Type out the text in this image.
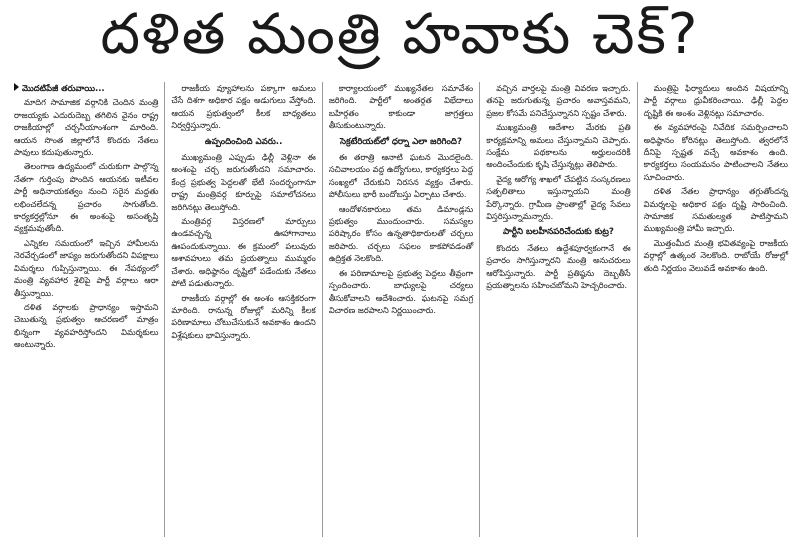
దళిత మంత్రి హవాకు చెక్?
మొదటిపేజీ తరువాయి...

మాదిగ సామాజిక వర్గానికి చెందిన మంత్రి రాజయ్యకు ఎదురుదెబ్బ తగిలిన వైనం రాష్ట్ర రాజకీయాల్లో చర్చనీయాంశంగా మారింది. ఆయన సొంత జిల్లాలోనే కొందరు నేతలు పావులు కదుపుతున్నారు.

తెలంగాణ ఉద్యమంలో చురుకుగా పాల్గొన్న నేతగా గుర్తింపు పొందిన ఆయనకు ఇటీవల పార్టీ అధినాయకత్వం నుంచి సరైన మద్దతు లభించలేదన్న ప్రచారం సాగుతోంది. కార్యకర్తల్లోనూ ఈ అంశంపై అసంతృప్తి వ్యక్తమవుతోంది.

ఎన్నికల సమయంలో ఇచ్చిన హామీలను నెరవేర్చడంలో జాప్యం జరుగుతోందని విపక్షాలు విమర్శలు గుప్పిస్తున్నాయి. ఈ నేపథ్యంలో మంత్రి వ్యవహార శైలిపై పార్టీ వర్గాలు ఆరా తీస్తున్నాయి.

దళిత వర్గాలకు ప్రాధాన్యం ఇస్తామని చెబుతున్న ప్రభుత్వం ఆచరణలో మాత్రం భిన్నంగా వ్యవహరిస్తోందని విమర్శకులు అంటున్నారు.

రాజకీయ వ్యూహాలను పక్కాగా అమలు చేసే దిశగా అధికార పక్షం అడుగులు వేస్తోంది. ఆయన ప్రభుత్వంలో కీలక బాధ్యతలు నిర్వర్తిస్తున్నారు.

ఉప్పందించింది ఎవరు..

ముఖ్యమంత్రి ఎప్పుడు ఢిల్లీ వెళ్లినా ఈ అంశంపై చర్చ జరుగుతోందని సమాచారం. కేంద్ర ప్రభుత్వ పెద్దలతో భేటీ సందర్భంగానూ రాష్ట్ర మంత్రివర్గ కూర్పుపై సమాలోచనలు జరిగినట్లు తెలుస్తోంది.

మంత్రివర్గ విస్తరణలో మార్పులు ఉండవచ్చన్న ఊహాగానాలు ఊపందుకున్నాయి. ఈ క్రమంలో పలువురు ఆశావహులు తమ ప్రయత్నాలు ముమ్మరం చేశారు. అధిష్ఠానం దృష్టిలో పడేందుకు నేతలు పోటీ పడుతున్నారు.

రాజకీయ వర్గాల్లో ఈ అంశం ఆసక్తికరంగా మారింది. రానున్న రోజుల్లో మరిన్ని కీలక పరిణామాలు చోటుచేసుకునే అవకాశం ఉందని విశ్లేషకులు భావిస్తున్నారు.

కార్యాలయంలో ముఖ్యనేతల సమావేశం జరిగింది. పార్టీలో అంతర్గత విభేదాలు బహిర్గతం కాకుండా జాగ్రత్తలు తీసుకుంటున్నారు.

సెక్రటేరియట్‌లో ధర్నా ఎలా జరిగింది?

ఈ తరాత్రి ఆనాటి ఘటన మొదలైంది. సచివాలయం వద్ద ఉద్యోగులు, కార్యకర్తలు పెద్ద సంఖ్యలో చేరుకుని నిరసన వ్యక్తం చేశారు. పోలీసులు భారీ బందోబస్తు ఏర్పాటు చేశారు.

ఆందోళనకారులు తమ డిమాండ్లను ప్రభుత్వం ముందుంచారు. సమస్యల పరిష్కారం కోసం ఉన్నతాధికారులతో చర్చలు జరిపారు. చర్చలు సఫలం కాకపోవడంతో ఉద్రిక్తత నెలకొంది.

ఈ పరిణామాలపై ప్రభుత్వ పెద్దలు తీవ్రంగా స్పందించారు. బాధ్యులపై చర్యలు తీసుకోవాలని ఆదేశించారు. ఘటనపై సమగ్ర విచారణ జరపాలని నిర్ణయించారు.

వచ్చిన వార్తలపై మంత్రి వివరణ ఇచ్చారు. తనపై జరుగుతున్న ప్రచారం అవాస్తవమని, ప్రజల కోసమే పనిచేస్తున్నానని స్పష్టం చేశారు.

ముఖ్యమంత్రి ఆదేశాల మేరకు ప్రతి కార్యక్రమాన్ని అమలు చేస్తున్నామని చెప్పారు. సంక్షేమ పథకాలను అర్హులందరికీ అందించేందుకు కృషి చేస్తున్నట్లు తెలిపారు.

వైద్య ఆరోగ్య శాఖలో చేపట్టిన సంస్కరణలు సత్ఫలితాలు ఇస్తున్నాయని మంత్రి పేర్కొన్నారు. గ్రామీణ ప్రాంతాల్లో వైద్య సేవలు విస్తరిస్తున్నామన్నారు.

పార్టీని బలహీనపరిచేందుకు కుట్ర?

కొందరు నేతలు ఉద్దేశపూర్వకంగానే ఈ ప్రచారం సాగిస్తున్నారని మంత్రి అనుచరులు ఆరోపిస్తున్నారు. పార్టీ ప్రతిష్ఠను దెబ్బతీసే ప్రయత్నాలను సహించబోమని హెచ్చరించారు.

మంత్రిపై ఫిర్యాదులు అందిన విషయాన్ని పార్టీ వర్గాలు ధ్రువీకరించాయి. ఢిల్లీ పెద్దల దృష్టికి ఈ అంశం వెళ్లినట్లు సమాచారం.

ఈ వ్యవహారంపై నివేదిక సమర్పించాలని అధిష్ఠానం కోరినట్లు తెలుస్తోంది. త్వరలోనే దీనిపై స్పష్టత వచ్చే అవకాశం ఉంది. కార్యకర్తలు సంయమనం పాటించాలని నేతలు సూచించారు.

దళిత నేతల ప్రాధాన్యం తగ్గుతోందన్న విమర్శలపై అధికార పక్షం దృష్టి సారించింది. సామాజిక సమతుల్యత పాటిస్తామని ముఖ్యమంత్రి హామీ ఇచ్చారు.

మొత్తంమీద మంత్రి భవితవ్యంపై రాజకీయ వర్గాల్లో ఉత్కంఠ నెలకొంది. రాబోయే రోజుల్లో తుది నిర్ణయం వెలువడే అవకాశం ఉంది.
